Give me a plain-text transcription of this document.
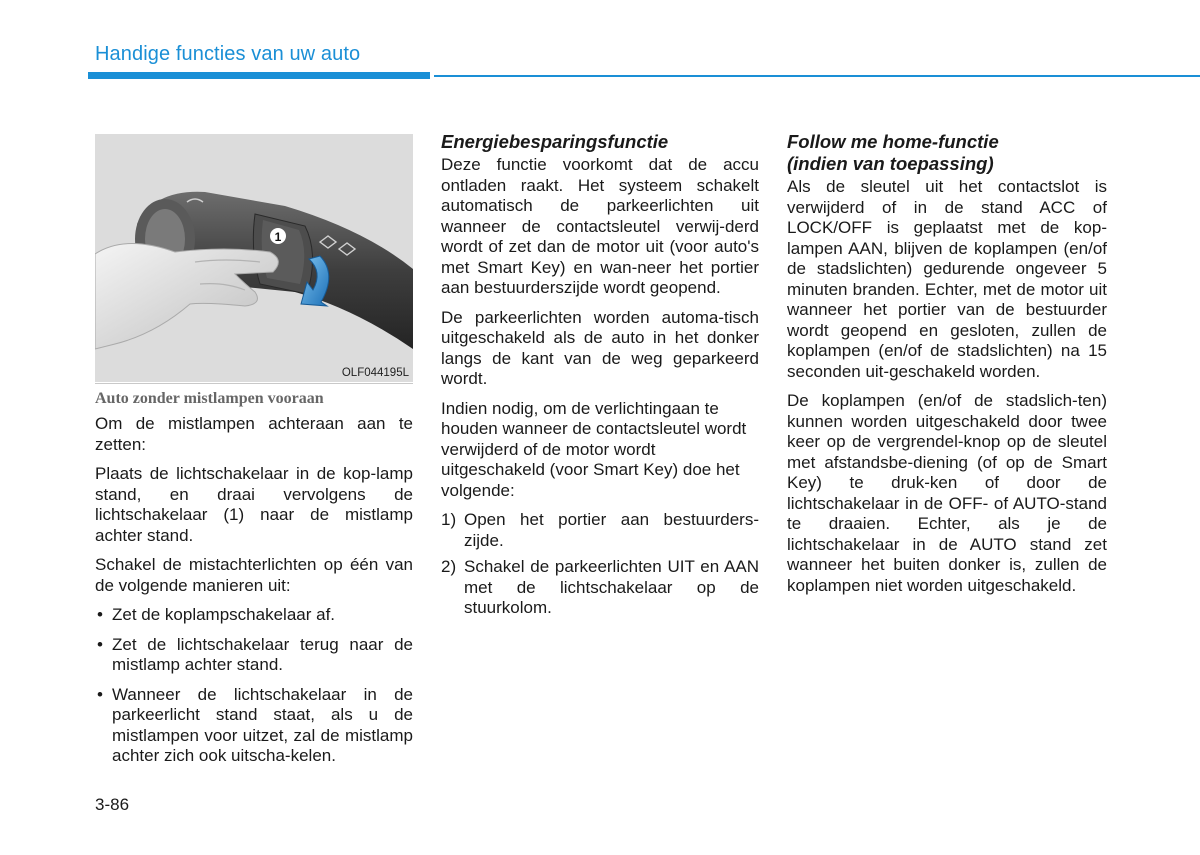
Handige functies van uw auto
1
OLF044195L
Auto zonder mistlampen vooraan

Om de mistlampen achteraan aan te zetten:

Plaats de lichtschakelaar in de kop-lamp stand, en draai vervolgens de lichtschakelaar (1) naar de mistlamp achter stand.

Schakel de mistachterlichten op één van de volgende manieren uit:

• Zet de koplampschakelaar af.
• Zet de lichtschakelaar terug naar de mistlamp achter stand.
• Wanneer de lichtschakelaar in de parkeerlicht stand staat, als u de mistlampen voor uitzet, zal de mistlamp achter zich ook uitscha-kelen.
Energiebesparingsfunctie

Deze functie voorkomt dat de accu ontladen raakt. Het systeem schakelt automatisch de parkeerlichten uit wanneer de contactsleutel verwij-derd wordt of zet dan de motor uit (voor auto's met Smart Key) en wan-neer het portier aan bestuurderszijde wordt geopend.

De parkeerlichten worden automa-tisch uitgeschakeld als de auto in het donker langs de kant van de weg geparkeerd wordt.

Indien nodig, om de verlichtingaan te houden wanneer de contactsleutel wordt verwijderd of de motor wordt uitgeschakeld (voor Smart Key) doe het volgende:

1) Open het portier aan bestuurders-zijde.
2) Schakel de parkeerlichten UIT en AAN met de lichtschakelaar op de stuurkolom.
Follow me home-functie
(indien van toepassing)

Als de sleutel uit het contactslot is verwijderd of in de stand ACC of LOCK/OFF is geplaatst met de kop-lampen AAN, blijven de koplampen (en/of de stadslichten) gedurende ongeveer 5 minuten branden. Echter, met de motor uit wanneer het portier van de bestuurder wordt geopend en gesloten, zullen de koplampen (en/of de stadslichten) na 15 seconden uit-geschakeld worden.

De koplampen (en/of de stadslich-ten) kunnen worden uitgeschakeld door twee keer op de vergrendel-knop op de sleutel met afstandsbe-diening (of op de Smart Key) te druk-ken of door de lichtschakelaar in de OFF- of AUTO-stand te draaien. Echter, als je de lichtschakelaar in de AUTO stand zet wanneer het buiten donker is, zullen de koplampen niet worden uitgeschakeld.

3-86
